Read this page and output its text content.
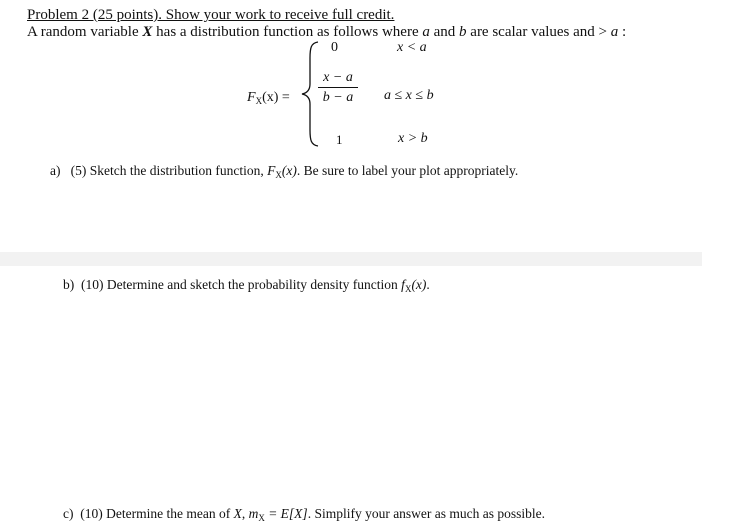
Problem 2 (25 points). Show your work to receive full credit.
A random variable X has a distribution function as follows where a and b are scalar values and > a :
$F_X(x)$ =
0	x < a
x − a
b − a	a ≤ x ≤ b
1	x > b
a) (5) Sketch the distribution function, $F_X(x)$. Be sure to label your plot appropriately.
b) (10) Determine and sketch the probability density function $f_X(x)$.
c) (10) Determine the mean of X, $m_X = E[X]$. Simplify your answer as much as possible.
